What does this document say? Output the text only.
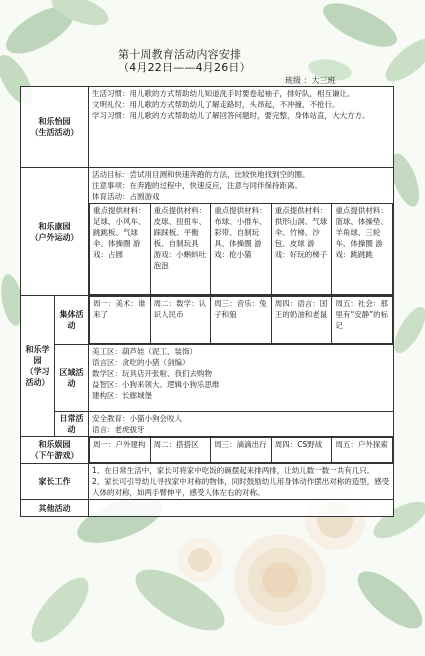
第十周教育活动内容安排
（4月22日——4月26日）
班级 ：大三班
和乐怡园
（生活活动）	

生活习惯：用儿歌的方式帮助幼儿知道洗手时要卷起袖子，排好队，相互谦让。

文明礼仪：用儿歌的方式帮助幼儿了解走路时，头昂起，不冲撞，不抢行。

学习习惯：用儿歌的方式帮助幼儿了解回答问题时，要完整，身体站直，大大方方。

和乐康园
（户外运动）	

活动目标：尝试用目测和快速奔跑的方法，比较快地找到空的圈。

注意事项：在奔跑的过程中，快速反应，注意与同伴保持距离。

体育活动：占圆游戏

重点提供材料：足球、小风车、跳跳板、气球伞、体操圈 游戏：占圆	重点提供材料：皮球、扭扭车、踩踩板、平衡板、自制玩具 游戏：小蝌蚪吐泡泡	重点提供材料：布球、小推车、彩带、自制玩具、体操圈 游戏：抢小猫	重点提供材料：拱形山洞、气球伞、竹梯、沙包、皮球 游戏：好玩的梯子	重点提供材料：篮球、体操垫、羊角球、三轮车、体操圈 游戏：跳跳跳

和乐学园
（学习活动）	集体活动	
周一：美术：谁来了	周二：数学：认识人民币	周三：音乐：兔子和狼	周四：语言：国王的奶油和老鼠	周五：社会：那里有“安静”的标记

区域活动	

美工区：葫芦娃（泥工、装饰）

语言区：贪吃的小猪（剑编）

数学区：玩具店开张啦、我们去购物

益智区：小狗来领大、逻辑小狗乐思维

建构区：长廊城堡

日常活动	

安全教育：小猫小狗会咬人

语言：老虎拔牙

和乐娱园
（下午游戏）	
周一：户外建构	周二：搭搭区	周三：滴滴出行	周四：CS野战	周五：户外探索

家长工作	

1、在日常生活中，家长可将家中吃饭的碗摆起来排两排，让幼儿数一数一共有几只。

2、家长可引导幼儿寻找家中对称的物体，同时鼓励幼儿用身体动作摆出对称的造型，感受人体的对称，如两手臂伸平，感受人体左右的对称。

其他活动	
